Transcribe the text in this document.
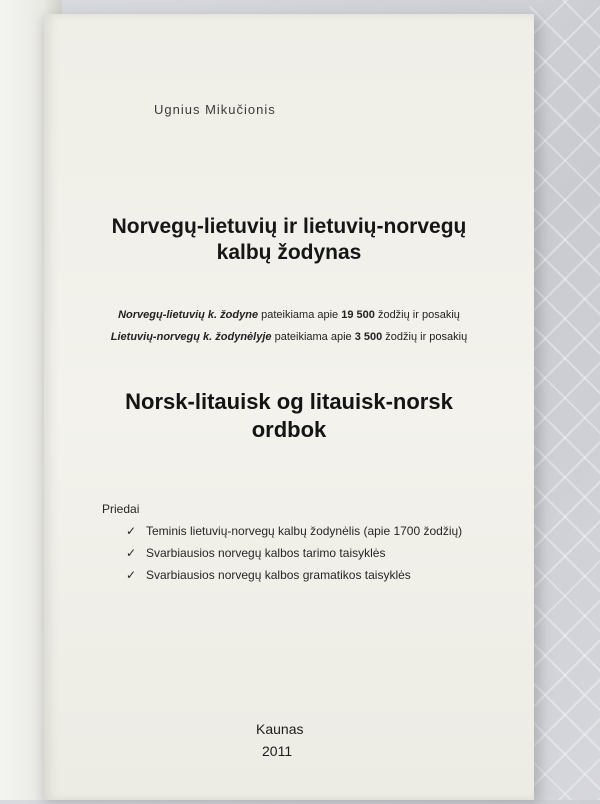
Ugnius Mikučionis
Norvegų-lietuvių ir lietuvių-norvegų
kalbų žodynas
Norvegų-lietuvių k. žodyne pateikiama apie 19 500 žodžių ir posakių
Lietuvių-norvegų k. žodynėlyje pateikiama apie 3 500 žodžių ir posakių
Norsk-litauisk og litauisk-norsk
ordbok
Priedai
✓ Teminis lietuvių-norvegų kalbų žodynėlis (apie 1700 žodžių)
✓ Svarbiausios norvegų kalbos tarimo taisyklės
✓ Svarbiausios norvegų kalbos gramatikos taisyklės
Kaunas
2011
